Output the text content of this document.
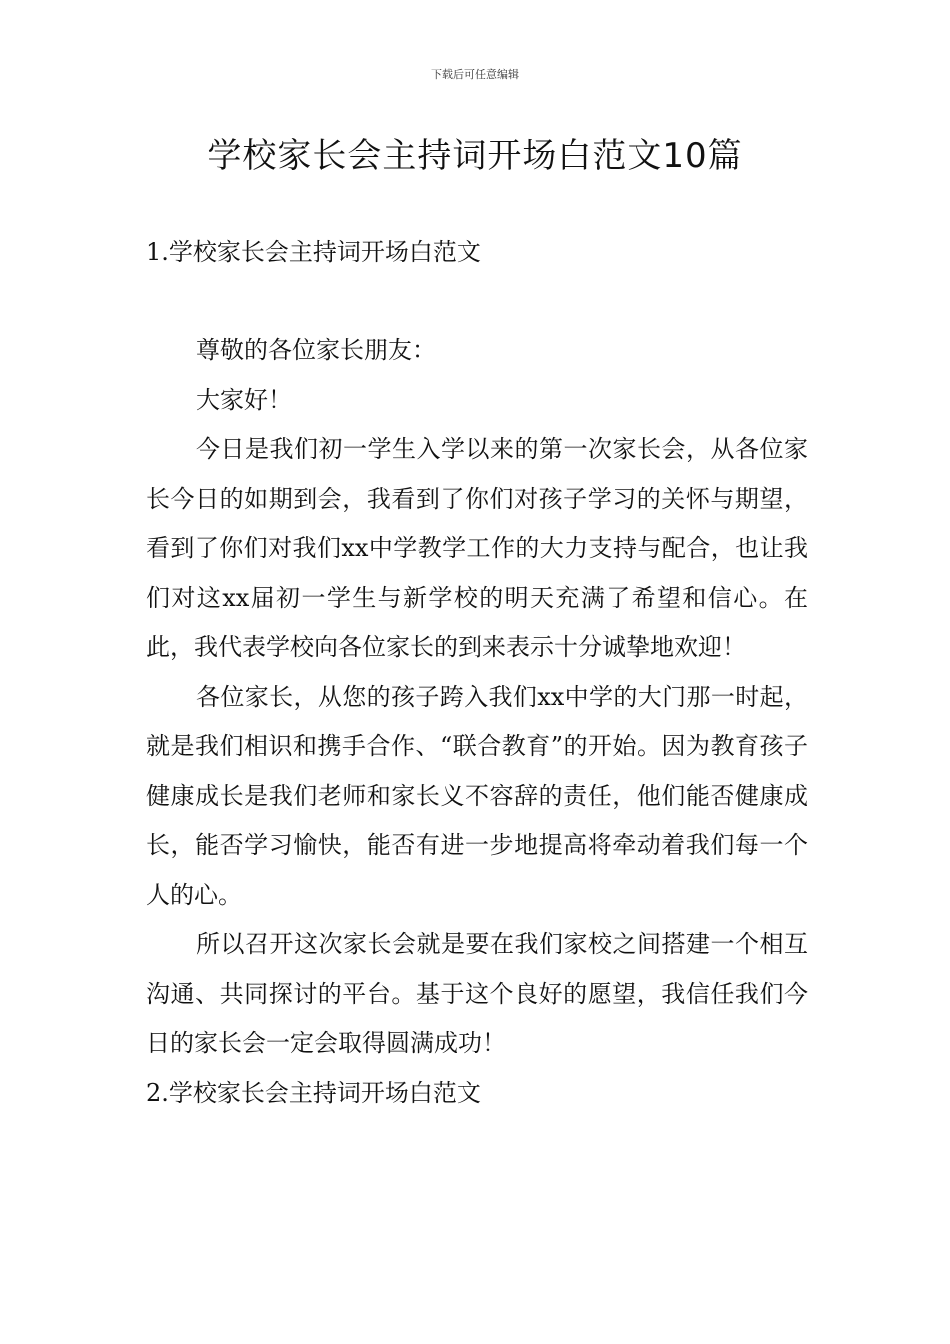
下载后可任意编辑
学校家长会主持词开场白范文10篇
1.学校家长会主持词开场白范文

尊敬的各位家长朋友：

大家好！

今日是我们初一学生入学以来的第一次家长会，从各位家长今日的如期到会，我看到了你们对孩子学习的关怀与期望，看到了你们对我们xx中学教学工作的大力支持与配合，也让我们对这xx届初一学生与新学校的明天充满了希望和信心。在此，我代表学校向各位家长的到来表示十分诚挚地欢迎！

各位家长，从您的孩子跨入我们xx中学的大门那一时起，就是我们相识和携手合作、“联合教育”的开始。因为教育孩子健康成长是我们老师和家长义不容辞的责任，他们能否健康成长，能否学习愉快，能否有进一步地提高将牵动着我们每一个人的心。

所以召开这次家长会就是要在我们家校之间搭建一个相互沟通、共同探讨的平台。基于这个良好的愿望，我信任我们今日的家长会一定会取得圆满成功！

2.学校家长会主持词开场白范文
